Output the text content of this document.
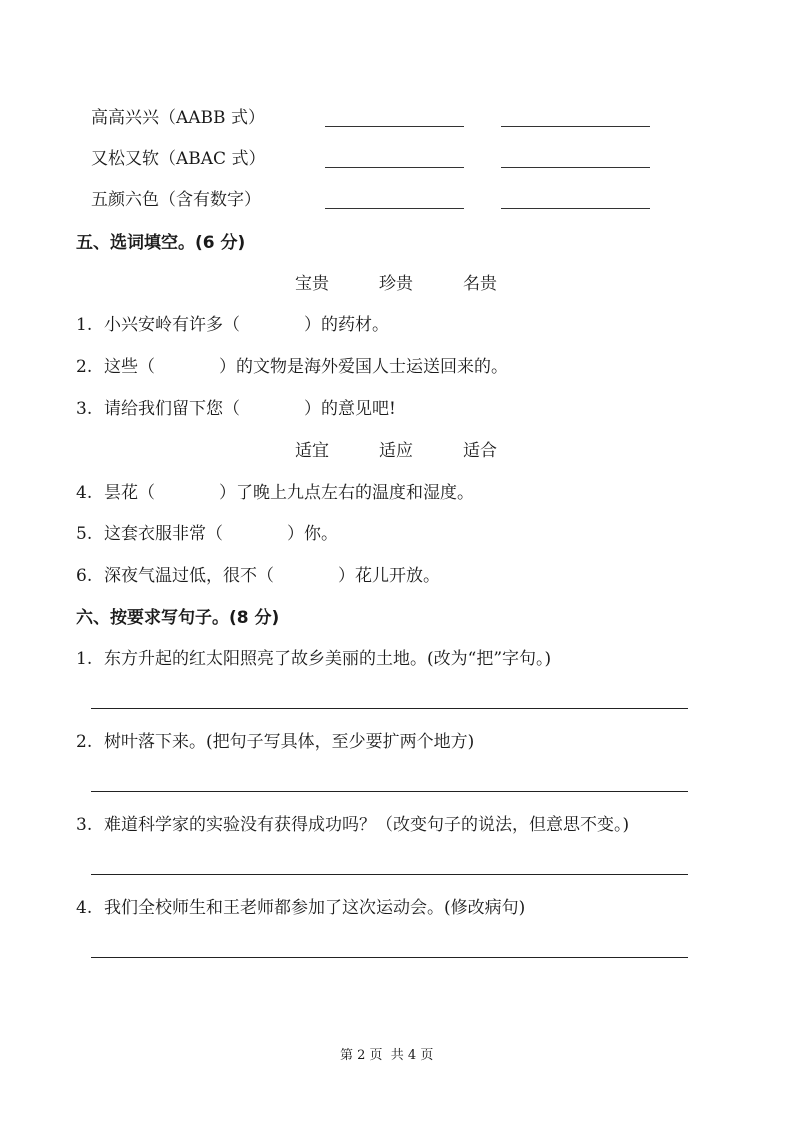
高高兴兴（AABB 式）
又松又软（ABAC 式）
五颜六色（含有数字）
五、选词填空。(6 分)
宝贵	珍贵	名贵
1. 小兴安岭有许多（	）的药材。
2. 这些（	）的文物是海外爱国人士运送回来的。
3. 请给我们留下您（	）的意见吧!
适宜	适应	适合
4. 昙花（	）了晚上九点左右的温度和湿度。
5. 这套衣服非常（	）你。
6. 深夜气温过低，很不（	）花儿开放。
六、按要求写句子。(8 分)
1. 东方升起的红太阳照亮了故乡美丽的土地。(改为“把”字句。)
2. 树叶落下来。(把句子写具体，至少要扩两个地方)
3. 难道科学家的实验没有获得成功吗？（改变句子的说法，但意思不变。)
4. 我们全校师生和王老师都参加了这次运动会。(修改病句)
第 2 页  共 4 页
